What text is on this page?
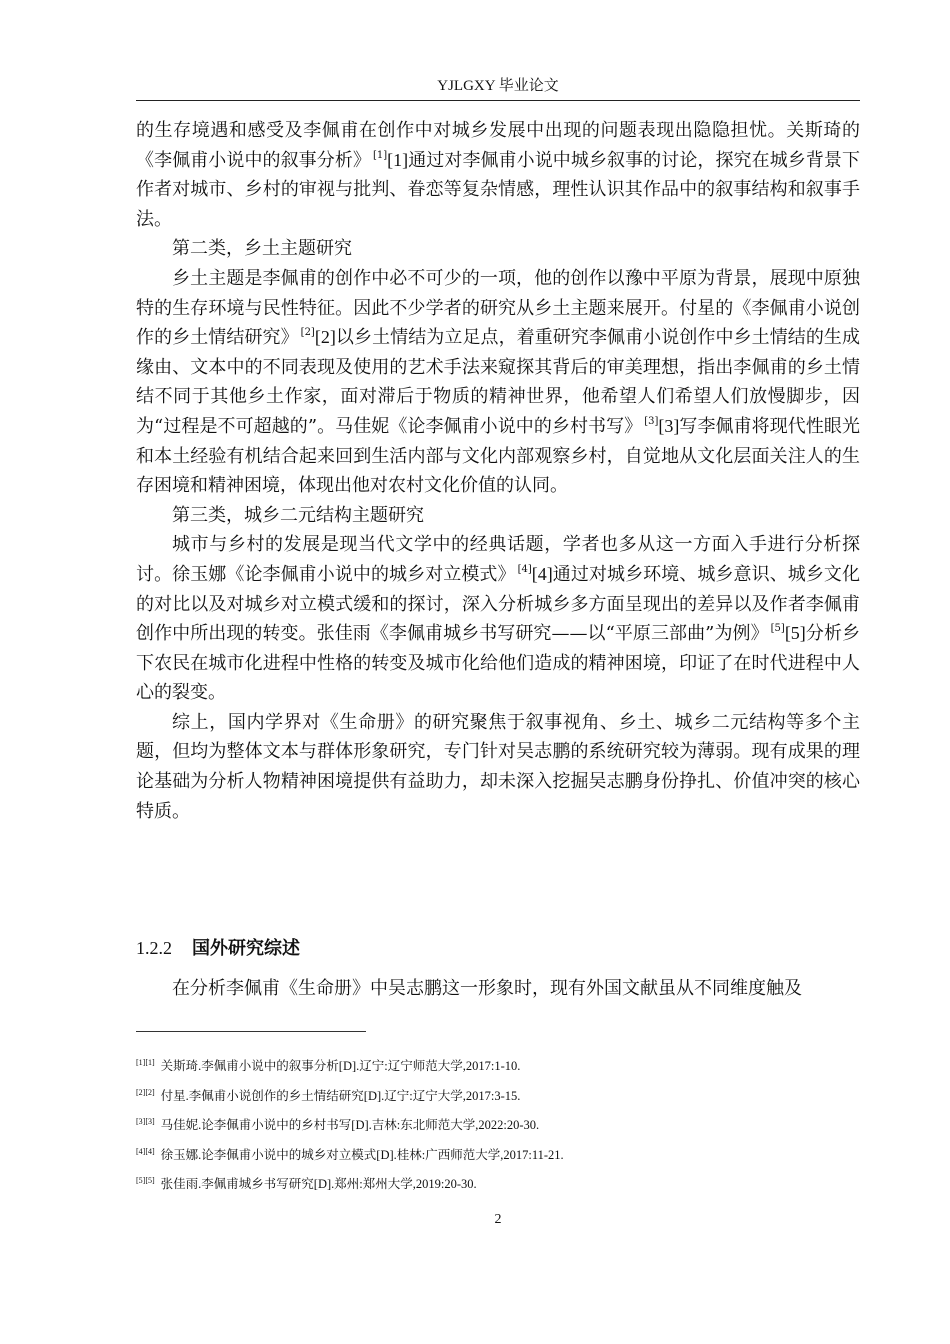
YJLGXY 毕业论文

的生存境遇和感受及李佩甫在创作中对城乡发展中出现的问题表现出隐隐担忧。关斯琦的《李佩甫小说中的叙事分析》 [1][1]通过对李佩甫小说中城乡叙事的讨论，探究在城乡背景下作者对城市、乡村的审视与批判、眷恋等复杂情感，理性认识其作品中的叙事结构和叙事手法。

第二类，乡土主题研究

乡土主题是李佩甫的创作中必不可少的一项，他的创作以豫中平原为背景，展现中原独特的生存环境与民性特征。因此不少学者的研究从乡土主题来展开。付星的《李佩甫小说创作的乡土情结研究》 [2][2]以乡土情结为立足点，着重研究李佩甫小说创作中乡土情结的生成缘由、文本中的不同表现及使用的艺术手法来窥探其背后的审美理想，指出李佩甫的乡土情结不同于其他乡土作家，面对滞后于物质的精神世界，他希望人们希望人们放慢脚步，因为“过程是不可超越的”。马佳妮《论李佩甫小说中的乡村书写》 [3][3]写李佩甫将现代性眼光和本土经验有机结合起来回到生活内部与文化内部观察乡村，自觉地从文化层面关注人的生存困境和精神困境，体现出他对农村文化价值的认同。

第三类，城乡二元结构主题研究

城市与乡村的发展是现当代文学中的经典话题，学者也多从这一方面入手进行分析探讨。徐玉娜《论李佩甫小说中的城乡对立模式》 [4][4]通过对城乡环境、城乡意识、城乡文化的对比以及对城乡对立模式缓和的探讨，深入分析城乡多方面呈现出的差异以及作者李佩甫创作中所出现的转变。张佳雨《李佩甫城乡书写研究——以“平原三部曲”为例》 [5][5]分析乡下农民在城市化进程中性格的转变及城市化给他们造成的精神困境，印证了在时代进程中人心的裂变。

综上，国内学界对《生命册》的研究聚焦于叙事视角、乡土、城乡二元结构等多个主题，但均为整体文本与群体形象研究，专门针对吴志鹏的系统研究较为薄弱。现有成果的理论基础为分析人物精神困境提供有益助力，却未深入挖掘吴志鹏身份挣扎、价值冲突的核心特质。

1.2.2 国外研究综述

在分析李佩甫《生命册》中吴志鹏这一形象时，现有外国文献虽从不同维度触及

[1][1] 关斯琦.李佩甫小说中的叙事分析[D].辽宁:辽宁师范大学,2017:1-10.
[2][2] 付星.李佩甫小说创作的乡土情结研究[D].辽宁:辽宁大学,2017:3-15.
[3][3] 马佳妮.论李佩甫小说中的乡村书写[D].吉林:东北师范大学,2022:20-30.
[4][4] 徐玉娜.论李佩甫小说中的城乡对立模式[D].桂林:广西师范大学,2017:11-21.
[5][5] 张佳雨.李佩甫城乡书写研究[D].郑州:郑州大学,2019:20-30.
2
